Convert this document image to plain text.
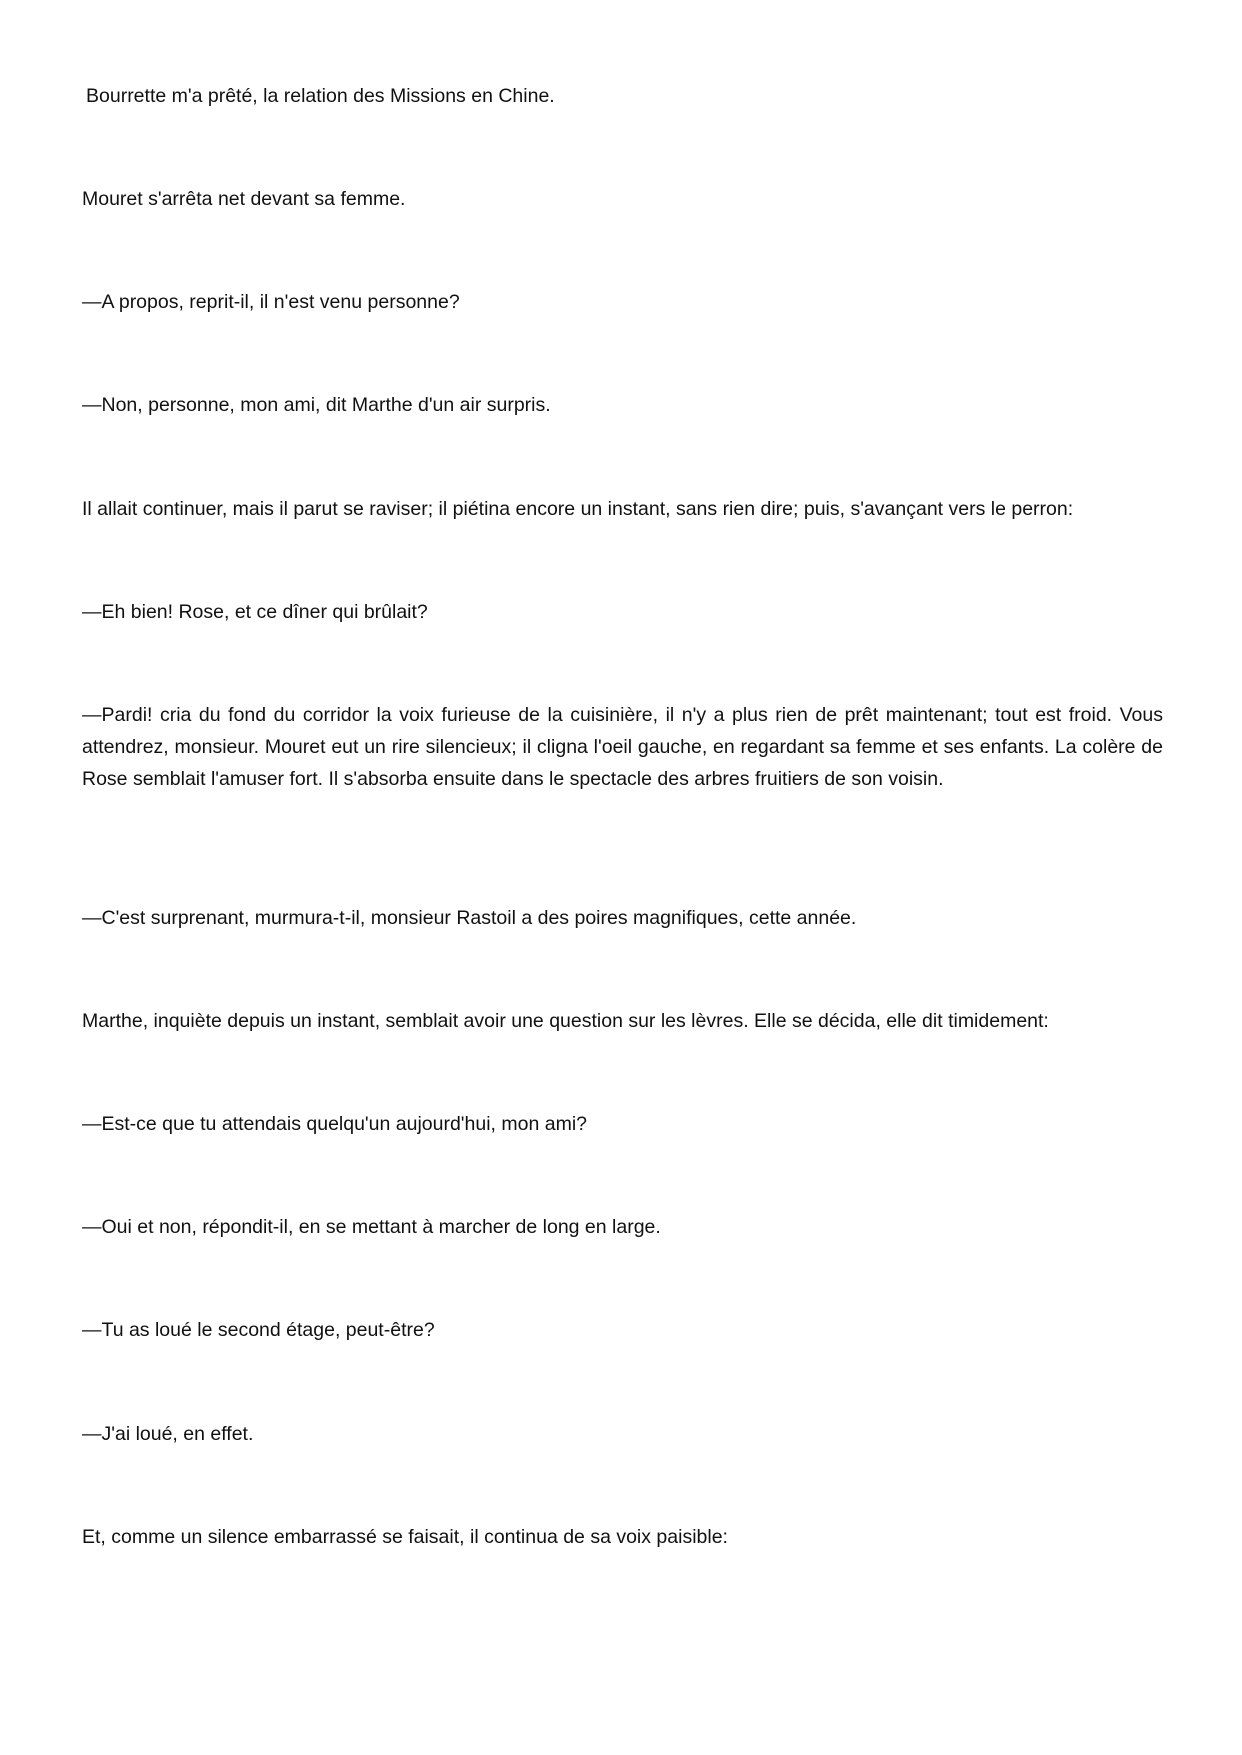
Bourrette m'a prêté, la relation des Missions en Chine.

Mouret s'arrêta net devant sa femme.

—A propos, reprit-il, il n'est venu personne?

—Non, personne, mon ami, dit Marthe d'un air surpris.

Il allait continuer, mais il parut se raviser; il piétina encore un instant, sans rien dire; puis, s'avançant vers le perron:

—Eh bien! Rose, et ce dîner qui brûlait?

—Pardi! cria du fond du corridor la voix furieuse de la cuisinière, il n'y a plus rien de prêt maintenant; tout est froid. Vous attendrez, monsieur. Mouret eut un rire silencieux; il cligna l'oeil gauche, en regardant sa femme et ses enfants. La colère de Rose semblait l'amuser fort. Il s'absorba ensuite dans le spectacle des arbres fruitiers de son voisin.

—C'est surprenant, murmura-t-il, monsieur Rastoil a des poires magnifiques, cette année.

Marthe, inquiète depuis un instant, semblait avoir une question sur les lèvres. Elle se décida, elle dit timidement:

—Est-ce que tu attendais quelqu'un aujourd'hui, mon ami?

—Oui et non, répondit-il, en se mettant à marcher de long en large.

—Tu as loué le second étage, peut-être?

—J'ai loué, en effet.

Et, comme un silence embarrassé se faisait, il continua de sa voix paisible:
